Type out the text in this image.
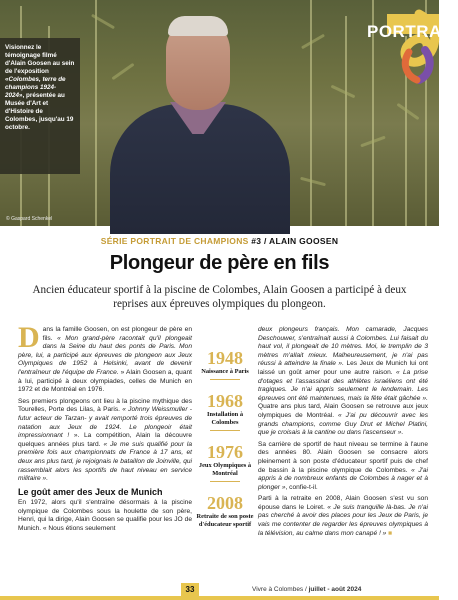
Visionnez le témoignage filmé d'Alain Goosen au sein de l'exposition «Colombes, terre de champions 1924-2024», présentée au Musée d'Art et d'Histoire de Colombes, jusqu'au 19 octobre.

© Gaspard Schenkel
PORTRAIT
SÉRIE PORTRAIT DE CHAMPIONS #3 / ALAIN GOOSEN
Plongeur de père en fils
Ancien éducateur sportif à la piscine de Colombes, Alain Goosen a participé à deux reprises aux épreuves olympiques du plongeon.

Dans la famille Goosen, on est plongeur de père en fils. « Mon grand-père racontait qu'il plongeait dans la Seine du haut des ponts de Paris. Mon père, lui, a participé aux épreuves de plongeon aux Jeux Olympiques de 1952 à Helsinki, avant de devenir l'entraîneur de l'équipe de France. » Alain Goosen a, quant à lui, participé à deux olympiades, celles de Munich en 1972 et de Montréal en 1976.

Ses premiers plongeons ont lieu à la piscine mythique des Tourelles, Porte des Lilas, à Paris. « Johnny Weissmuller -futur acteur de Tarzan- y avait remporté trois épreuves de natation aux Jeux de 1924. Le plongeoir était impressionnant ! ». La compétition, Alain la découvre quelques années plus tard. « Je me suis qualifié pour la première fois aux championnats de France à 17 ans, et deux ans plus tard, je rejoignais le bataillon de Joinville, qui rassemblait alors les sportifs de haut niveau en service militaire ».

Le goût amer des Jeux de Munich

En 1972, alors qu'il s'entraîne désormais à la piscine olympique de Colombes sous la houlette de son père, Henri, qui la dirige, Alain Goosen se qualifie pour les JO de Munich. « Nous étions seulement

1948
Naissance à Paris
1968
Installation à Colombes
1976
Jeux Olympiques à Montréal
2008
Retraite de son poste d'éducateur sportif

deux plongeurs français. Mon camarade, Jacques Deschouwer, s'entraînait aussi à Colombes. Lui faisait du haut vol, il plongeait de 10 mètres. Moi, le tremplin de 3 mètres m'allait mieux. Malheureusement, je n'ai pas réussi à atteindre la finale ». Les Jeux de Munich lui ont laissé un goût amer pour une autre raison. « La prise d'otages et l'assassinat des athlètes israéliens ont été tragiques. Je n'ai appris seulement le lendemain. Les épreuves ont été maintenues, mais la fête était gâchée ». Quatre ans plus tard, Alain Goosen se retrouve aux jeux olympiques de Montréal. « J'ai pu découvrir avec les grands champions, comme Guy Drut et Michel Platini, que je croisais à la cantine ou dans l'ascenseur ».

Sa carrière de sportif de haut niveau se termine à l'aune des années 80. Alain Goosen se consacre alors pleinement à son poste d'éducateur sportif puis de chef de bassin à la piscine olympique de Colombes. « J'ai appris à de nombreux enfants de Colombes à nager et à plonger », confie-t-il.

Parti à la retraite en 2008, Alain Goosen s'est vu son épouse dans le Loiret. « Je suis tranquille là-bas. Je n'ai pas cherché à avoir des places pour les Jeux de Paris, je vais me contenter de regarder les épreuves olympiques à la télévision, au calme dans mon canapé ! » ■

33	Vivre à Colombes / juillet - août 2024
